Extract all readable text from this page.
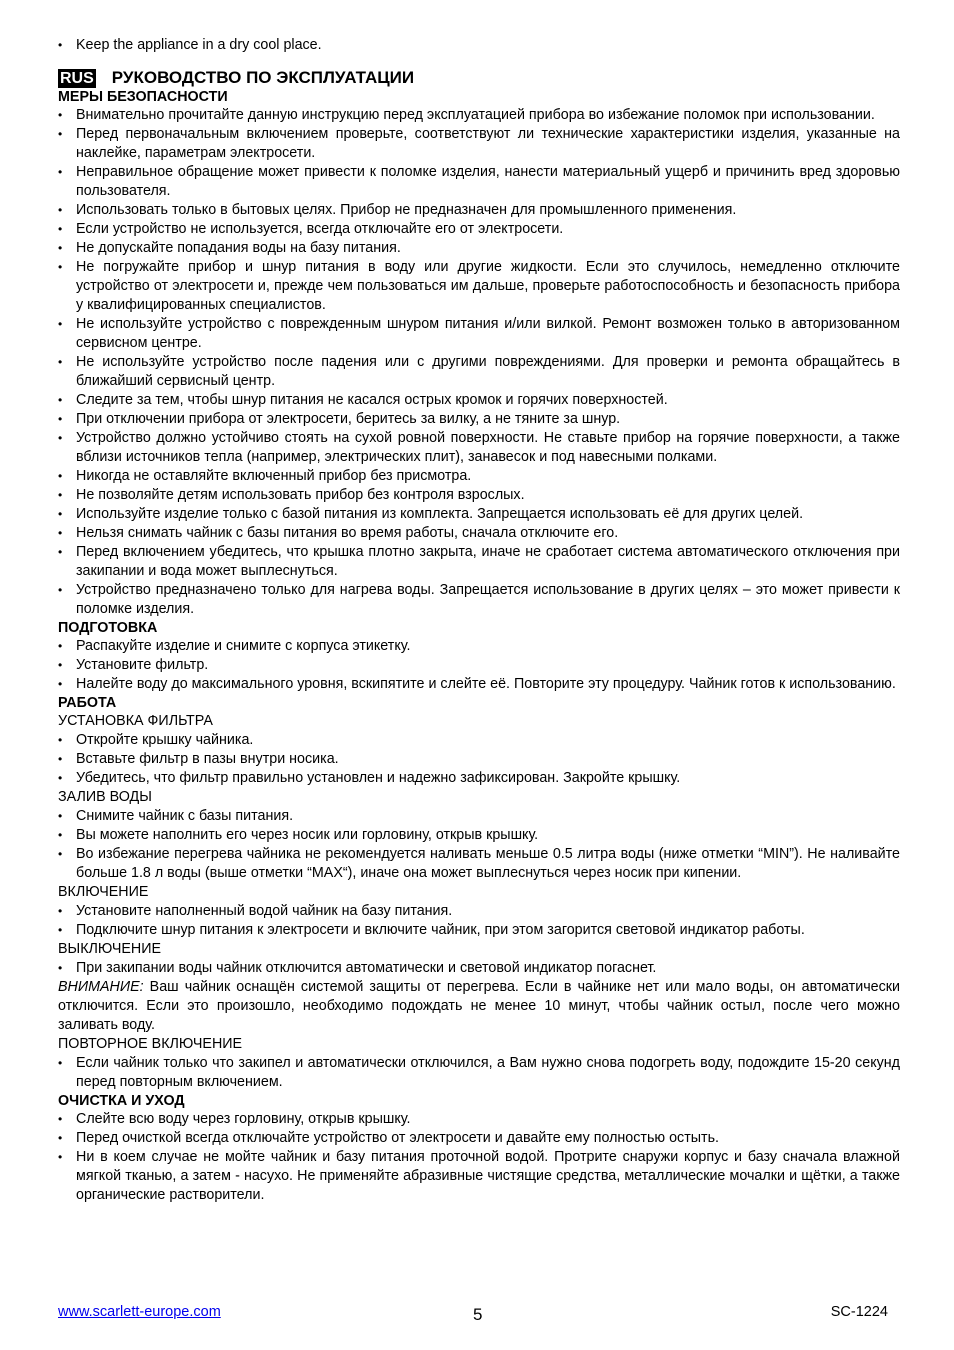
• Keep the appliance in a dry cool place.
RUS РУКОВОДСТВО ПО ЭКСПЛУАТАЦИИ
МЕРЫ БЕЗОПАСНОСТИ
• Внимательно прочитайте данную инструкцию перед эксплуатацией прибора во избежание поломок при использовании.
• Перед первоначальным включением проверьте, соответствуют ли технические характеристики изделия, указанные на наклейке, параметрам электросети.
• Неправильное обращение может привести к поломке изделия, нанести материальный ущерб и причинить вред здоровью пользователя.
• Использовать только в бытовых целях. Прибор не предназначен для промышленного применения.
• Если устройство не используется, всегда отключайте его от электросети.
• Не допускайте попадания воды на базу питания.
• Не погружайте прибор и шнур питания в воду или другие жидкости. Если это случилось, немедленно отключите устройство от электросети и, прежде чем пользоваться им дальше, проверьте работоспособность и безопасность прибора у квалифицированных специалистов.
• Не используйте устройство с поврежденным шнуром питания и/или вилкой. Ремонт возможен только в авторизованном сервисном центре.
• Не используйте устройство после падения или с другими повреждениями. Для проверки и ремонта обращайтесь в ближайший сервисный центр.
• Следите за тем, чтобы шнур питания не касался острых кромок и горячих поверхностей.
• При отключении прибора от электросети, беритесь за вилку, а не тяните за шнур.
• Устройство должно устойчиво стоять на сухой ровной поверхности. Не ставьте прибор на горячие поверхности, а также вблизи источников тепла (например, электрических плит), занавесок и под навесными полками.
• Никогда не оставляйте включенный прибор без присмотра.
• Не позволяйте детям использовать прибор без контроля взрослых.
• Используйте изделие только с базой питания из комплекта. Запрещается использовать её для других целей.
• Нельзя снимать чайник с базы питания во время работы, сначала отключите его.
• Перед включением убедитесь, что крышка плотно закрыта, иначе не сработает система автоматического отключения при закипании и вода может выплеснуться.
• Устройство предназначено только для нагрева воды. Запрещается использование в других целях – это может привести к поломке изделия.
ПОДГОТОВКА
• Распакуйте изделие и снимите с корпуса этикетку.
• Установите фильтр.
• Налейте воду до максимального уровня, вскипятите и слейте её. Повторите эту процедуру. Чайник готов к использованию.
РАБОТА
УСТАНОВКА ФИЛЬТРА
• Откройте крышку чайника.
• Вставьте фильтр в пазы внутри носика.
• Убедитесь, что фильтр правильно установлен и надежно зафиксирован. Закройте крышку.
ЗАЛИВ ВОДЫ
• Снимите чайник с базы питания.
• Вы можете наполнить его через носик или горловину, открыв крышку.
• Во избежание перегрева чайника не рекомендуется наливать меньше 0.5 литра воды (ниже отметки “MIN”). Не наливайте больше 1.8 л воды (выше отметки “MAX“), иначе она может выплеснуться через носик при кипении.
ВКЛЮЧЕНИЕ
• Установите наполненный водой чайник на базу питания.
• Подключите шнур питания к электросети и включите чайник, при этом загорится световой индикатор работы.
ВЫКЛЮЧЕНИЕ
• При закипании воды чайник отключится автоматически и световой индикатор погаснет.
ВНИМАНИЕ: Ваш чайник оснащён системой защиты от перегрева. Если в чайнике нет или мало воды, он автоматически отключится. Если это произошло, необходимо подождать не менее 10 минут, чтобы чайник остыл, после чего можно заливать воду.
ПОВТОРНОЕ ВКЛЮЧЕНИЕ
• Если чайник только что закипел и автоматически отключился, а Вам нужно снова подогреть воду, подождите 15-20 секунд перед повторным включением.
ОЧИСТКА И УХОД
• Слейте всю воду через горловину, открыв крышку.
• Перед очисткой всегда отключайте устройство от электросети и давайте ему полностью остыть.
• Ни в коем случае не мойте чайник и базу питания проточной водой. Протрите снаружи корпус и базу сначала влажной мягкой тканью, а затем - насухо. Не применяйте абразивные чистящие средства, металлические мочалки и щётки, а также органические растворители.
www.scarlett-europe.com	5	SC-1224
